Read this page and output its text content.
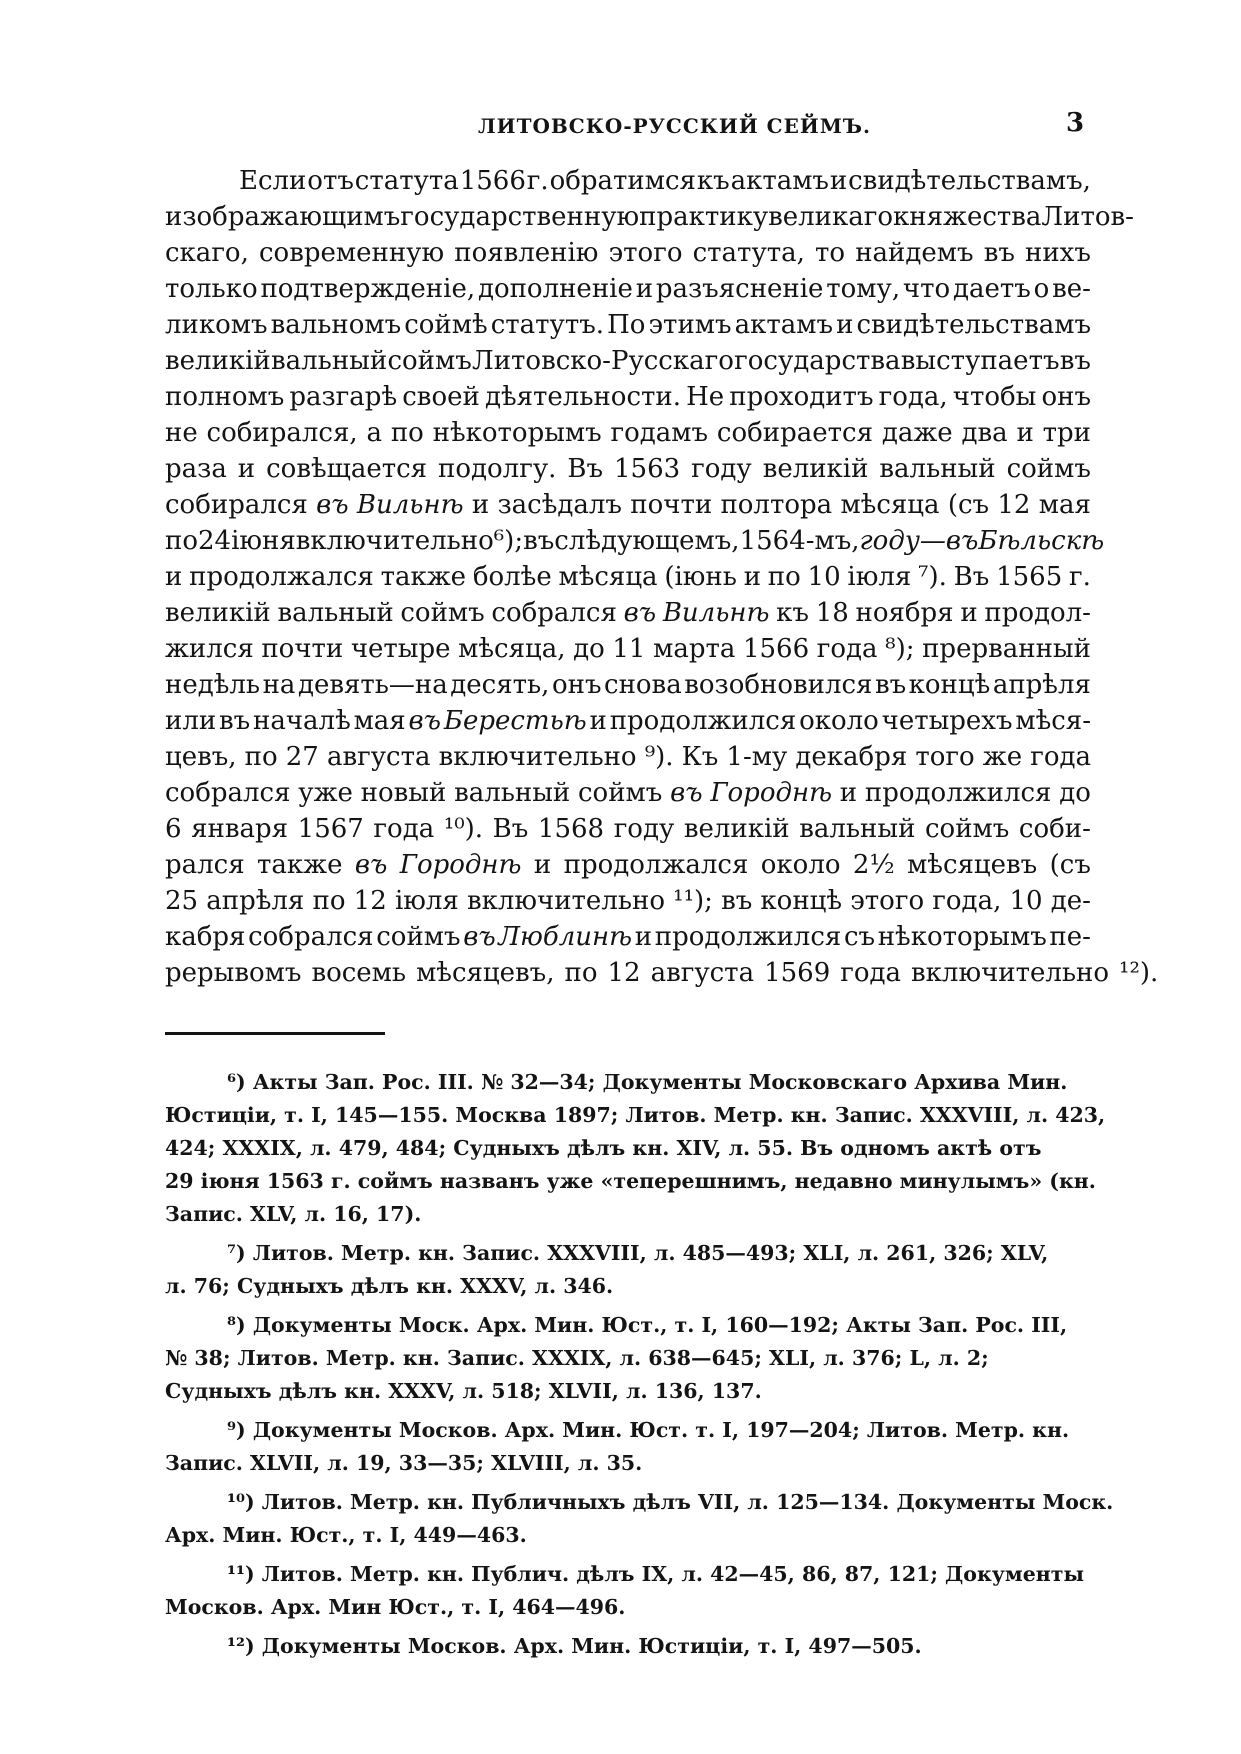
ЛИТОВСКО-РУССКИЙ СЕЙМЪ.	3
Если отъ статута 1566 г. обратимся къ актамъ и свидѣтельствамъ,
изображающимъ государственную практику великаго княжества Литов-
скаго, современную появленію этого статута, то найдемъ въ нихъ
только подтвержденіе, дополненіе и разъясненіе тому, что даетъ о ве-
ликомъ вальномъ соймѣ статутъ. По этимъ актамъ и свидѣтельствамъ
великій вальный соймъ Литовско-Русскаго государства выступаетъ въ
полномъ разгарѣ своей дѣятельности. Не проходитъ года, чтобы онъ
не собирался, а по нѣкоторымъ годамъ собирается даже два и три
раза и совѣщается подолгу. Въ 1563 году великій вальный соймъ
собирался въ Вильнѣ и засѣдалъ почти полтора мѣсяца (съ 12 мая
по 24 іюня включительно ⁶); въ слѣдующемъ, 1564-мъ, году—въ Бѣльскѣ
и продолжался также болѣе мѣсяца (іюнь и по 10 іюля ⁷). Въ 1565 г.
великій вальный соймъ собрался въ Вильнѣ къ 18 ноября и продол-
жился почти четыре мѣсяца, до 11 марта 1566 года ⁸); прерванный
недѣль на девять—на десять, онъ снова возобновился въ концѣ апрѣля
или въ началѣ мая въ Берестьѣ и продолжился около четырехъ мѣся-
цевъ, по 27 августа включительно ⁹). Къ 1-му декабря того же года
собрался уже новый вальный соймъ въ Городнѣ и продолжился до
6 января 1567 года ¹⁰). Въ 1568 году великій вальный соймъ соби-
рался также въ Городнѣ и продолжался около 2½ мѣсяцевъ (съ
25 апрѣля по 12 іюля включительно ¹¹); въ концѣ этого года, 10 де-
кабря собрался соймъ въ Люблинѣ и продолжился съ нѣкоторымъ пе-
рерывомъ восемь мѣсяцевъ, по 12 августа 1569 года включительно ¹²).
⁶) Акты Зап. Рос. III. № 32—34; Документы Московскаго Архива Мин.
Юстиціи, т. I, 145—155. Москва 1897; Литов. Метр. кн. Запис. XXXVIII, л. 423,
424; XXXIX, л. 479, 484; Судныхъ дѣлъ кн. XIV, л. 55. Въ одномъ актѣ отъ
29 іюня 1563 г. соймъ названъ уже «теперешнимъ, недавно минулымъ» (кн.
Запис. XLV, л. 16, 17).
⁷) Литов. Метр. кн. Запис. XXXVIII, л. 485—493; XLI, л. 261, 326; XLV,
л. 76; Судныхъ дѣлъ кн. XXXV, л. 346.
⁸) Документы Моск. Арх. Мин. Юст., т. I, 160—192; Акты Зап. Рос. III,
№ 38; Литов. Метр. кн. Запис. XXXIX, л. 638—645; XLI, л. 376; L, л. 2;
Судныхъ дѣлъ кн. XXXV, л. 518; XLVII, л. 136, 137.
⁹) Документы Москов. Арх. Мин. Юст. т. I, 197—204; Литов. Метр. кн.
Запис. XLVII, л. 19, 33—35; XLVIII, л. 35.
¹⁰) Литов. Метр. кн. Публичныхъ дѣлъ VII, л. 125—134. Документы Моск.
Арх. Мин. Юст., т. I, 449—463.
¹¹) Литов. Метр. кн. Публич. дѣлъ IX, л. 42—45, 86, 87, 121; Документы
Москов. Арх. Мин Юст., т. I, 464—496.
¹²) Документы Москов. Арх. Мин. Юстиціи, т. I, 497—505.
